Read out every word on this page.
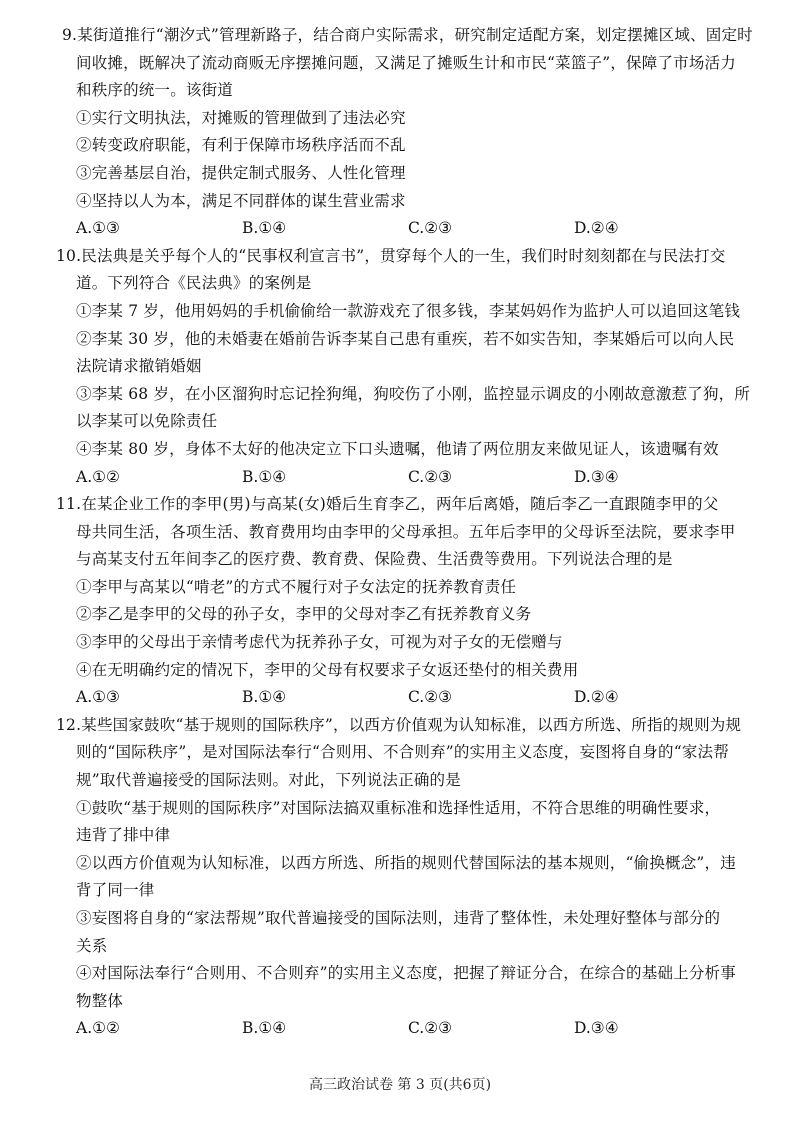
9.某街道推行“潮汐式”管理新路子，结合商户实际需求，研究制定适配方案，划定摆摊区域、固定时
间收摊，既解决了流动商贩无序摆摊问题，又满足了摊贩生计和市民“菜篮子”，保障了市场活力
和秩序的统一。该街道
①实行文明执法，对摊贩的管理做到了违法必究
②转变政府职能，有利于保障市场秩序活而不乱
③完善基层自治，提供定制式服务、人性化管理
④坚持以人为本，满足不同群体的谋生营业需求
A.①③	B.①④	C.②③	D.②④
10.民法典是关乎每个人的“民事权利宣言书”，贯穿每个人的一生，我们时时刻刻都在与民法打交
道。下列符合《民法典》的案例是
①李某 7 岁，他用妈妈的手机偷偷给一款游戏充了很多钱，李某妈妈作为监护人可以追回这笔钱
②李某 30 岁，他的未婚妻在婚前告诉李某自己患有重疾，若不如实告知，李某婚后可以向人民
法院请求撤销婚姻
③李某 68 岁，在小区溜狗时忘记拴狗绳，狗咬伤了小刚，监控显示调皮的小刚故意激惹了狗，所
以李某可以免除责任
④李某 80 岁，身体不太好的他决定立下口头遗嘱，他请了两位朋友来做见证人，该遗嘱有效
A.①②	B.①④	C.②③	D.③④
11.在某企业工作的李甲(男)与高某(女)婚后生育李乙，两年后离婚，随后李乙一直跟随李甲的父
母共同生活，各项生活、教育费用均由李甲的父母承担。五年后李甲的父母诉至法院，要求李甲
与高某支付五年间李乙的医疗费、教育费、保险费、生活费等费用。下列说法合理的是
①李甲与高某以“啃老”的方式不履行对子女法定的抚养教育责任
②李乙是李甲的父母的孙子女，李甲的父母对李乙有抚养教育义务
③李甲的父母出于亲情考虑代为抚养孙子女，可视为对子女的无偿赠与
④在无明确约定的情况下，李甲的父母有权要求子女返还垫付的相关费用
A.①③	B.①④	C.②③	D.②④
12.某些国家鼓吹“基于规则的国际秩序”，以西方价值观为认知标准，以西方所选、所指的规则为规
则的“国际秩序”，是对国际法奉行“合则用、不合则弃”的实用主义态度，妄图将自身的“家法帮
规”取代普遍接受的国际法则。对此，下列说法正确的是
①鼓吹“基于规则的国际秩序”对国际法搞双重标准和选择性适用，不符合思维的明确性要求，
违背了排中律
②以西方价值观为认知标准，以西方所选、所指的规则代替国际法的基本规则，“偷换概念”，违
背了同一律
③妄图将自身的“家法帮规”取代普遍接受的国际法则，违背了整体性，未处理好整体与部分的
关系
④对国际法奉行“合则用、不合则弃”的实用主义态度，把握了辩证分合，在综合的基础上分析事
物整体
A.①②	B.①④	C.②③	D.③④
高三政治试卷 第 3 页(共6页)
